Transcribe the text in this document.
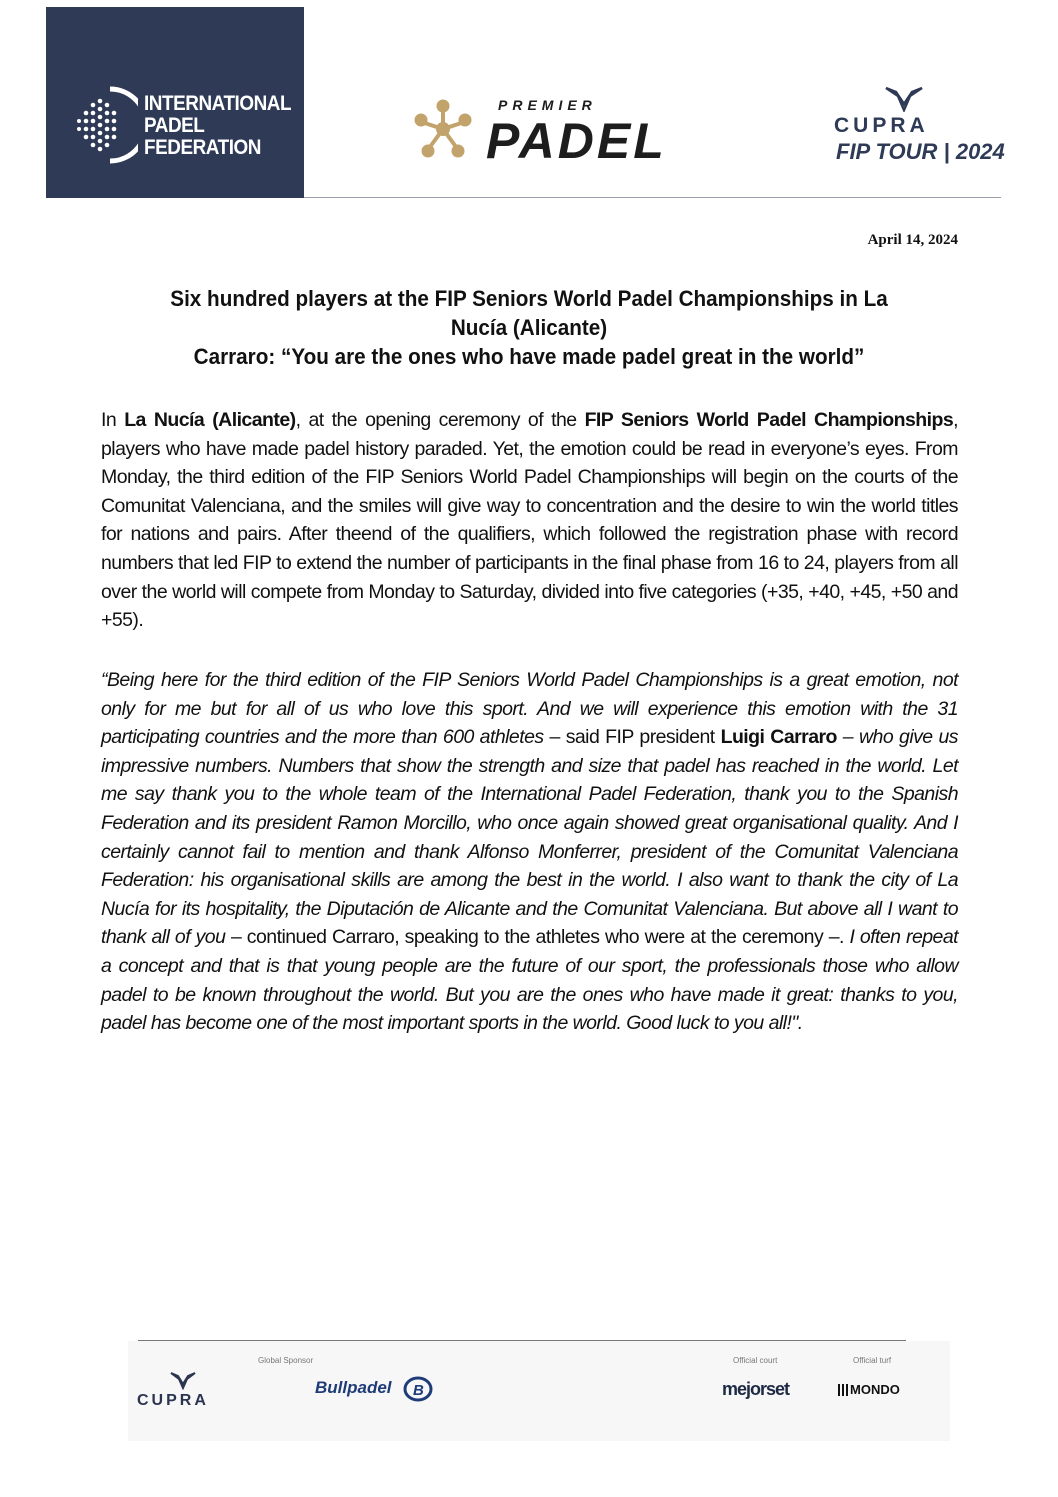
INTERNATIONAL
PADEL
FEDERATION
PREMIER
PADEL	CUPRA
FIP TOUR | 2024
April 14, 2024
Six hundred players at the FIP Seniors World Padel Championships in La
Nucía (Alicante)
Carraro: “You are the ones who have made padel great in the world”
In La Nucía (Alicante), at the opening ceremony of the FIP Seniors World Padel Championships, players who have made padel history paraded. Yet, the emotion could be read in everyone’s eyes. From Monday, the third edition of the FIP Seniors World Padel Championships will begin on the courts of the Comunitat Valenciana, and the smiles will give way to concentration and the desire to win the world titles for nations and pairs. After theend of the qualifiers, which followed the registration phase with record numbers that led FIP to extend the number of participants in the final phase from 16 to 24, players from all over the world will compete from Monday to Saturday, divided into five categories (+35, +40, +45, +50 and +55).
“Being here for the third edition of the FIP Seniors World Padel Championships is a great emotion, not only for me but for all of us who love this sport. And we will experience this emotion with the 31 participating countries and the more than 600 athletes – said FIP president Luigi Carraro – who give us impressive numbers. Numbers that show the strength and size that padel has reached in the world. Let me say thank you to the whole team of the International Padel Federation, thank you to the Spanish Federation and its president Ramon Morcillo, who once again showed great organisational quality. And I certainly cannot fail to mention and thank Alfonso Monferrer, president of the Comunitat Valenciana Federation: his organisational skills are among the best in the world. I also want to thank the city of La Nucía for its hospitality, the Diputación de Alicante and the Comunitat Valenciana. But above all I want to thank all of you – continued Carraro, speaking to the athletes who were at the ceremony –. I often repeat a concept and that is that young people are the future of our sport, the professionals those who allow padel to be known throughout the world. But you are the ones who have made it great: thanks to you, padel has become one of the most important sports in the world. Good luck to you all!".
Global Sponsor	Official court	Official turf
CUPRA
Bullpadel B	mejorset	MONDO
